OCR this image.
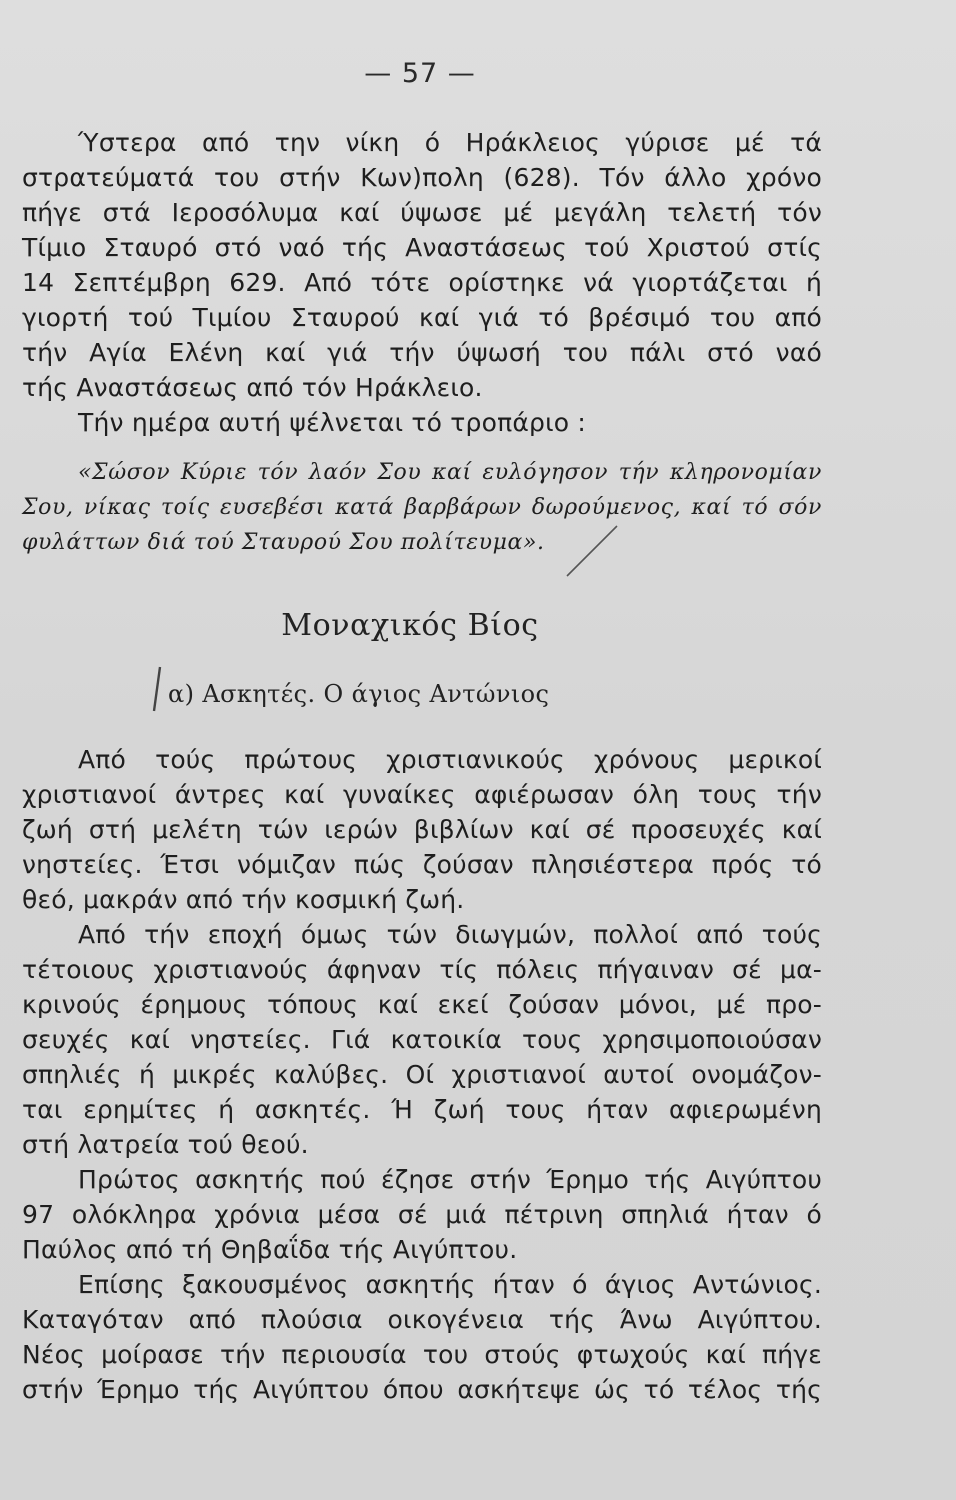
— 57 —
Ύστερα από την νίκη ό Ηράκλειος γύρισε μέ τά
στρατεύματά του στήν Κων)πολη (628). Τόν άλλο χρόνο
πήγε στά Ιεροσόλυμα καί ύψωσε μέ μεγάλη τελετή τόν
Τίμιο Σταυρό στό ναό τής Αναστάσεως τού Χριστού στίς
14 Σεπτέμβρη 629. Από τότε ορίστηκε νά γιορτάζεται ή
γιορτή τού Τιμίου Σταυρού καί γιά τό βρέσιμό του από
τήν Αγία Ελένη καί γιά τήν ύψωσή του πάλι στό ναό
τής Αναστάσεως από τόν Ηράκλειο.
Τήν ημέρα αυτή ψέλνεται τό τροπάριο :
«Σώσον Κύριε τόν λαόν Σου καί ευλόγησον τήν κληρονομίαν
Σου, νίκας τοίς ευσεβέσι κατά βαρβάρων δωρούμενος, καί τό σόν
φυλάττων διά τού Σταυρού Σου πολίτευμα».
Μοναχικός Βίος
α) Ασκητές. Ο άγιος Αντώνιος
Από τούς πρώτους χριστιανικούς χρόνους μερικοί
χριστιανοί άντρες καί γυναίκες αφιέρωσαν όλη τους τήν
ζωή στή μελέτη τών ιερών βιβλίων καί σέ προσευχές καί
νηστείες. Έτσι νόμιζαν πώς ζούσαν πλησιέστερα πρός τό
θεό, μακράν από τήν κοσμική ζωή.
Από τήν εποχή όμως τών διωγμών, πολλοί από τούς
τέτοιους χριστιανούς άφηναν τίς πόλεις πήγαιναν σέ μα-
κρινούς έρημους τόπους καί εκεί ζούσαν μόνοι, μέ προ-
σευχές καί νηστείες. Γιά κατοικία τους χρησιμοποιούσαν
σπηλιές ή μικρές καλύβες. Οί χριστιανοί αυτοί ονομάζον-
ται ερημίτες ή ασκητές. Ή ζωή τους ήταν αφιερωμένη
στή λατρεία τού θεού.
Πρώτος ασκητής πού έζησε στήν Έρημο τής Αιγύπτου
97 ολόκληρα χρόνια μέσα σέ μιά πέτρινη σπηλιά ήταν ό
Παύλος από τή Θηβαΐδα τής Αιγύπτου.
Επίσης ξακουσμένος ασκητής ήταν ό άγιος Αντώνιος.
Καταγόταν από πλούσια οικογένεια τής Άνω Αιγύπτου.
Νέος μοίρασε τήν περιουσία του στούς φτωχούς καί πήγε
στήν Έρημο τής Αιγύπτου όπου ασκήτεψε ώς τό τέλος τής
